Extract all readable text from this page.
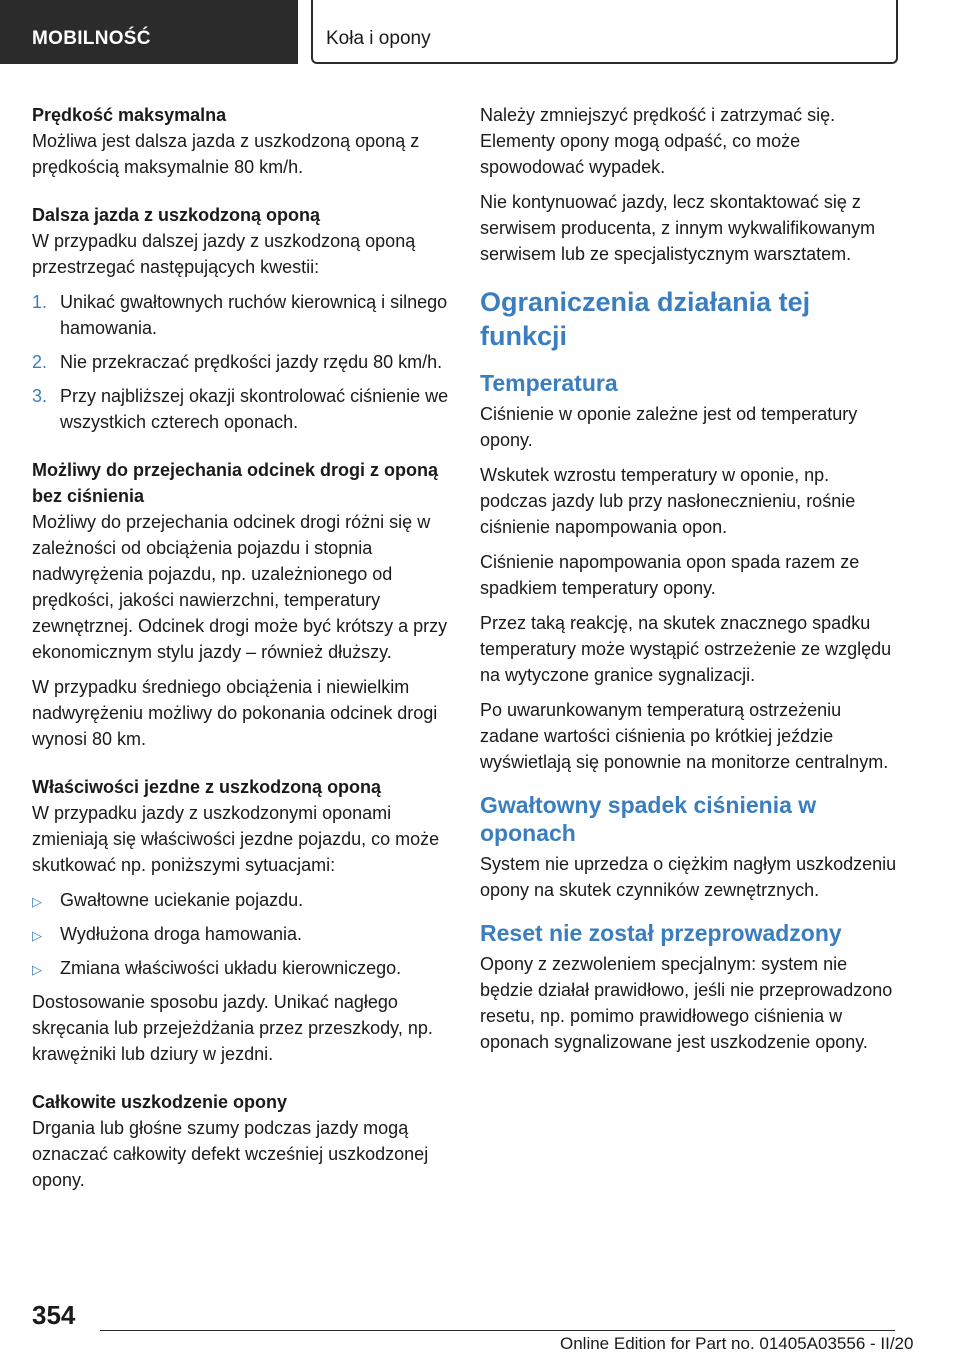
MOBILNOŚĆ	Koła i opony
Prędkość maksymalna

Możliwa jest dalsza jazda z uszkodzoną oponą z prędkością maksymalnie 80 km/h.

Dalsza jazda z uszkodzoną oponą

W przypadku dalszej jazdy z uszkodzoną oponą przestrzegać następujących kwestii:

1. Unikać gwałtownych ruchów kierownicą i silnego hamowania.
2. Nie przekraczać prędkości jazdy rzędu 80 km/h.
3. Przy najbliższej okazji skontrolować ciśnienie we wszystkich czterech oponach.
Możliwy do przejechania odcinek drogi z oponą bez ciśnienia

Możliwy do przejechania odcinek drogi różni się w zależności od obciążenia pojazdu i stopnia nadwyrężenia pojazdu, np. uzależnionego od prędkości, jakości nawierzchni, temperatury zewnętrznej. Odcinek drogi może być krótszy a przy ekonomicznym stylu jazdy – również dłuższy.

W przypadku średniego obciążenia i niewielkim nadwyrężeniu możliwy do pokonania odcinek drogi wynosi 80 km.

Właściwości jezdne z uszkodzoną oponą

W przypadku jazdy z uszkodzonymi oponami zmieniają się właściwości jezdne pojazdu, co może skutkować np. poniższymi sytuacjami:

▷ Gwałtowne uciekanie pojazdu.
▷ Wydłużona droga hamowania.
▷ Zmiana właściwości układu kierowniczego.

Dostosowanie sposobu jazdy. Unikać nagłego skręcania lub przejeżdżania przez przeszkody, np. krawężniki lub dziury w jezdni.

Całkowite uszkodzenie opony

Drgania lub głośne szumy podczas jazdy mogą oznaczać całkowity defekt wcześniej uszkodzonej opony.

Należy zmniejszyć prędkość i zatrzymać się. Elementy opony mogą odpaść, co może spowodować wypadek.

Nie kontynuować jazdy, lecz skontaktować się z serwisem producenta, z innym wykwalifikowanym serwisem lub ze specjalistycznym warsztatem.

Ograniczenia działania tej funkcji
Temperatura

Ciśnienie w oponie zależne jest od temperatury opony.

Wskutek wzrostu temperatury w oponie, np. podczas jazdy lub przy nasłonecznieniu, rośnie ciśnienie napompowania opon.

Ciśnienie napompowania opon spada razem ze spadkiem temperatury opony.

Przez taką reakcję, na skutek znacznego spadku temperatury może wystąpić ostrzeżenie ze względu na wytyczone granice sygnalizacji.

Po uwarunkowanym temperaturą ostrzeżeniu zadane wartości ciśnienia po krótkiej jeździe wyświetlają się ponownie na monitorze centralnym.

Gwałtowny spadek ciśnienia w oponach

System nie uprzedza o ciężkim nagłym uszkodzeniu opony na skutek czynników zewnętrznych.

Reset nie został przeprowadzony

Opony z zezwoleniem specjalnym: system nie będzie działał prawidłowo, jeśli nie przeprowadzono resetu, np. pomimo prawidłowego ciśnienia w oponach sygnalizowane jest uszkodzenie opony.

354
Online Edition for Part no. 01405A03556 - II/20
